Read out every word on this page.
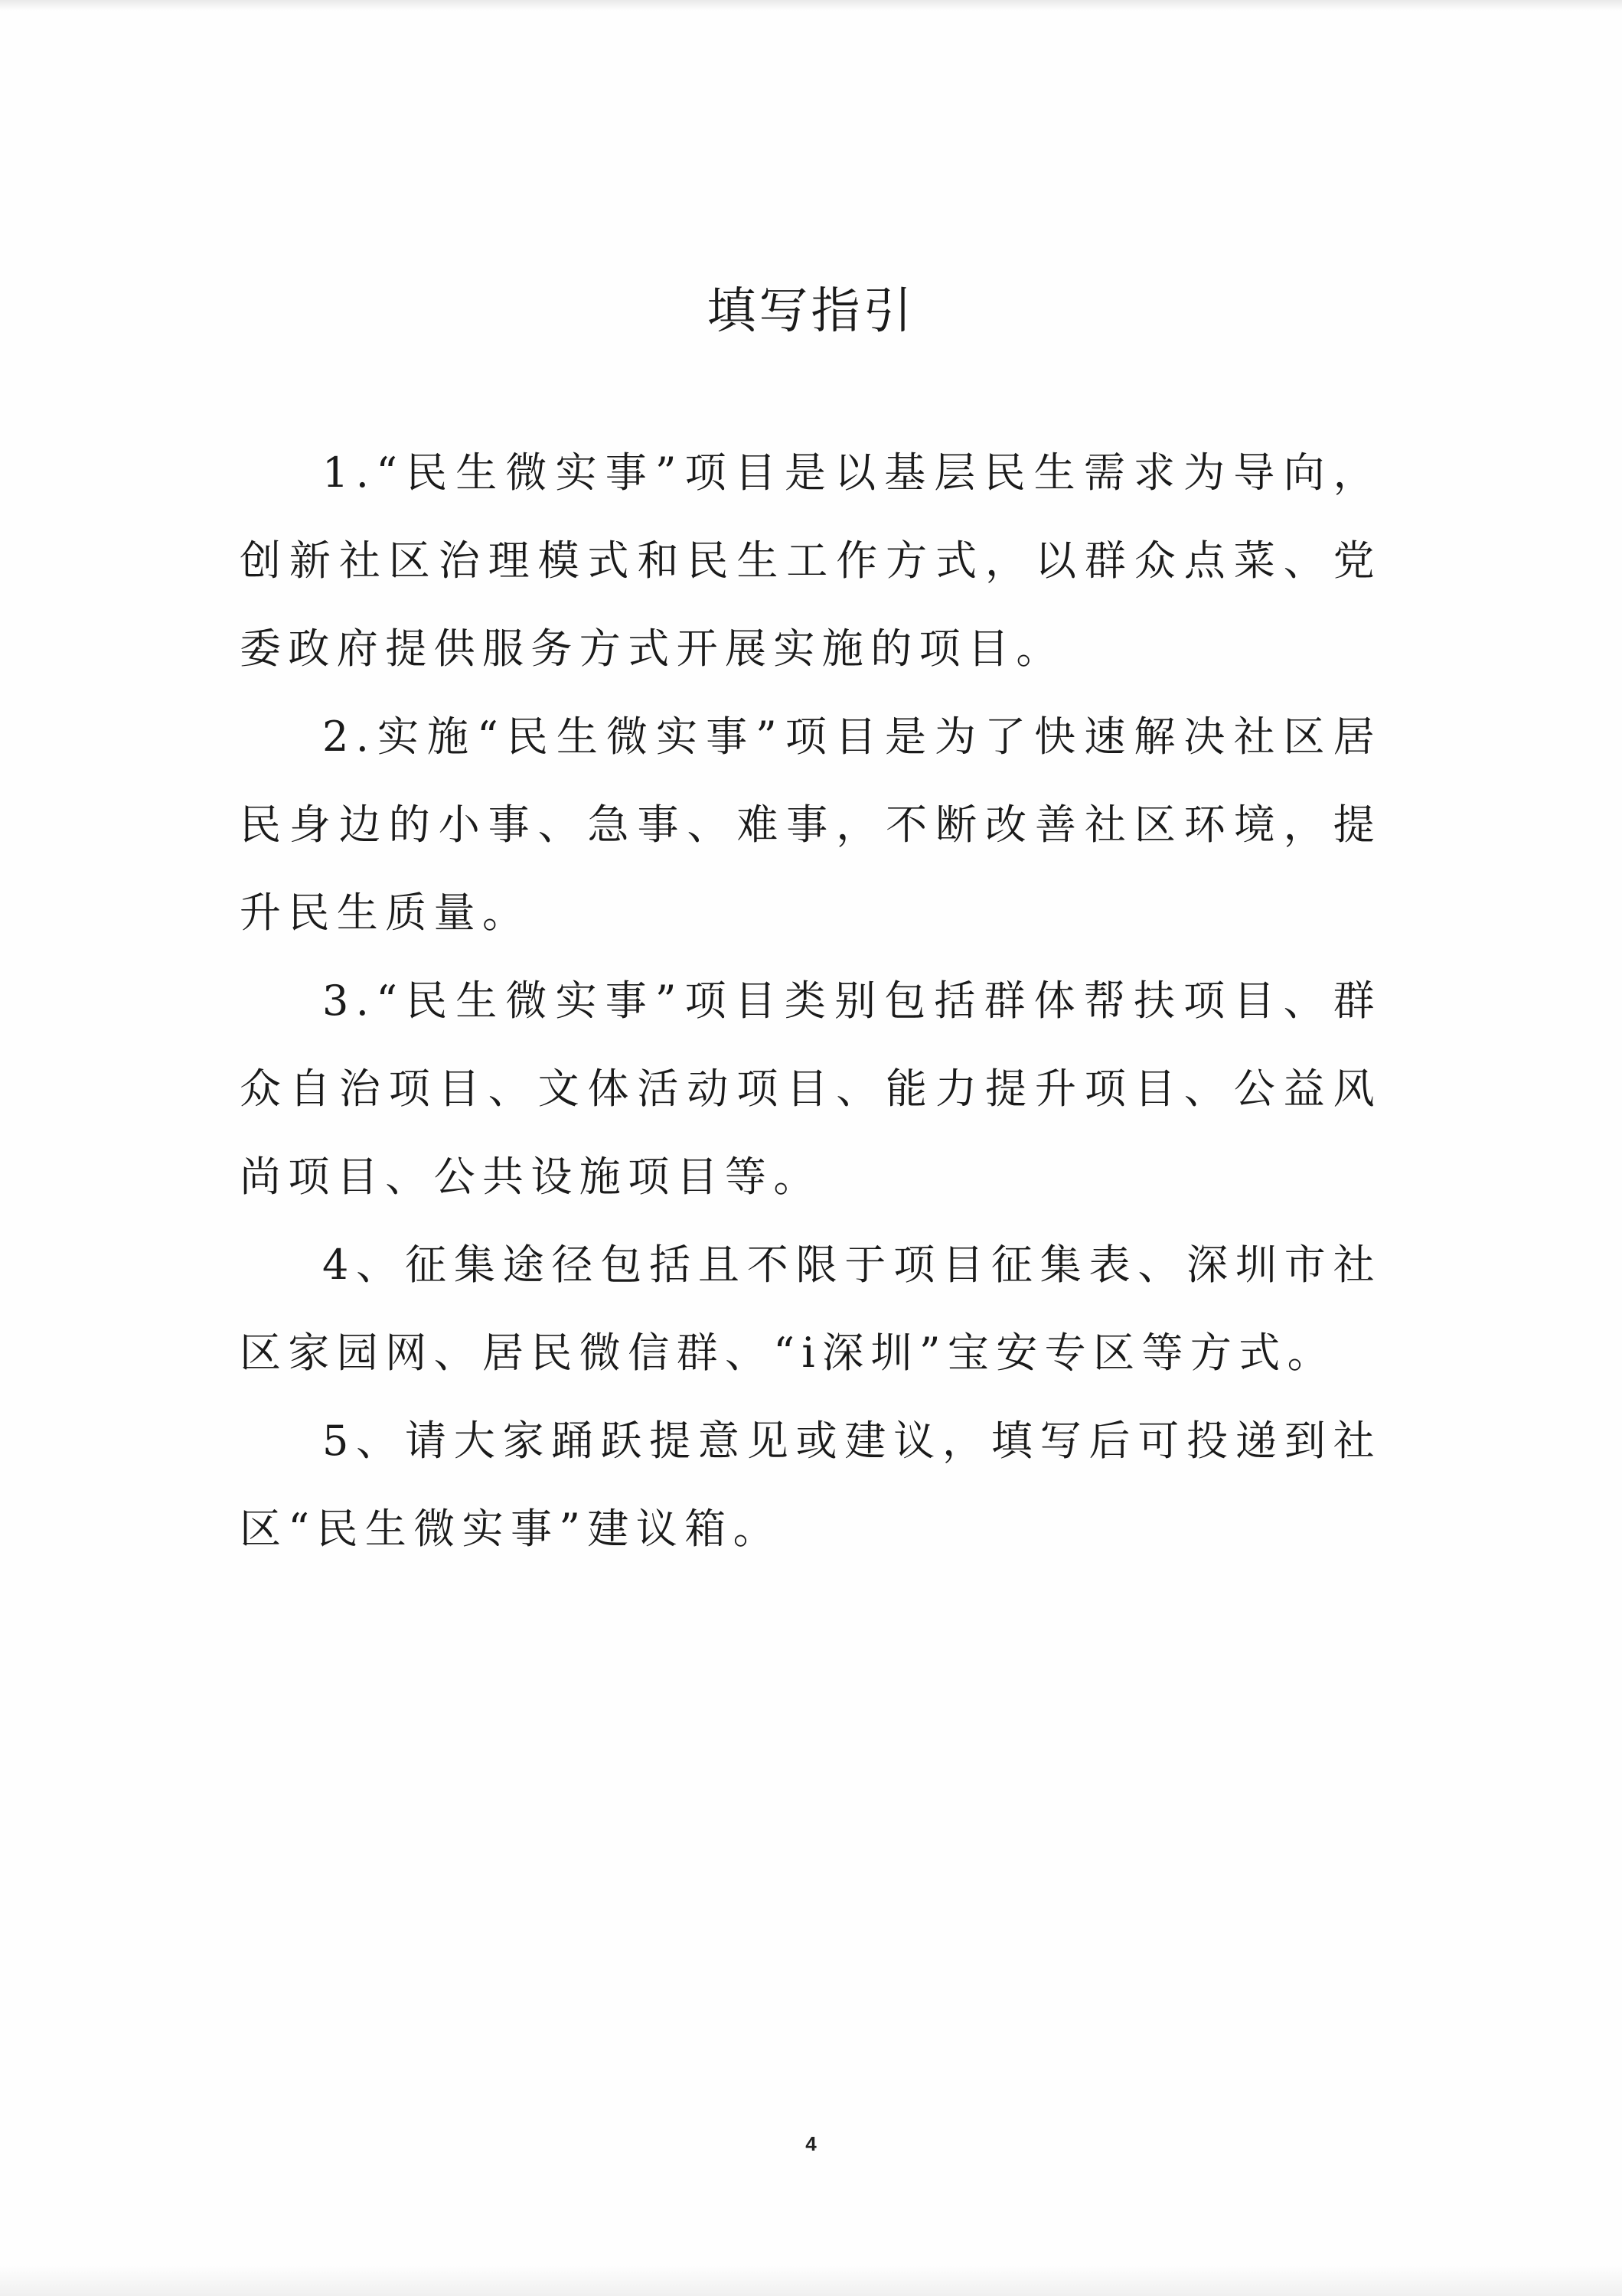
填写指引

1.“民生微实事”项目是以基层民生需求为导向，创新社区治理模式和民生工作方式，以群众点菜、党委政府提供服务方式开展实施的项目。

2.实施“民生微实事”项目是为了快速解决社区居民身边的小事、急事、难事，不断改善社区环境，提升民生质量。

3.“民生微实事”项目类别包括群体帮扶项目、群众自治项目、文体活动项目、能力提升项目、公益风尚项目、公共设施项目等。

4、征集途径包括且不限于项目征集表、深圳市社区家园网、居民微信群、“i深圳”宝安专区等方式。

5、请大家踊跃提意见或建议，填写后可投递到社区“民生微实事”建议箱。

4
